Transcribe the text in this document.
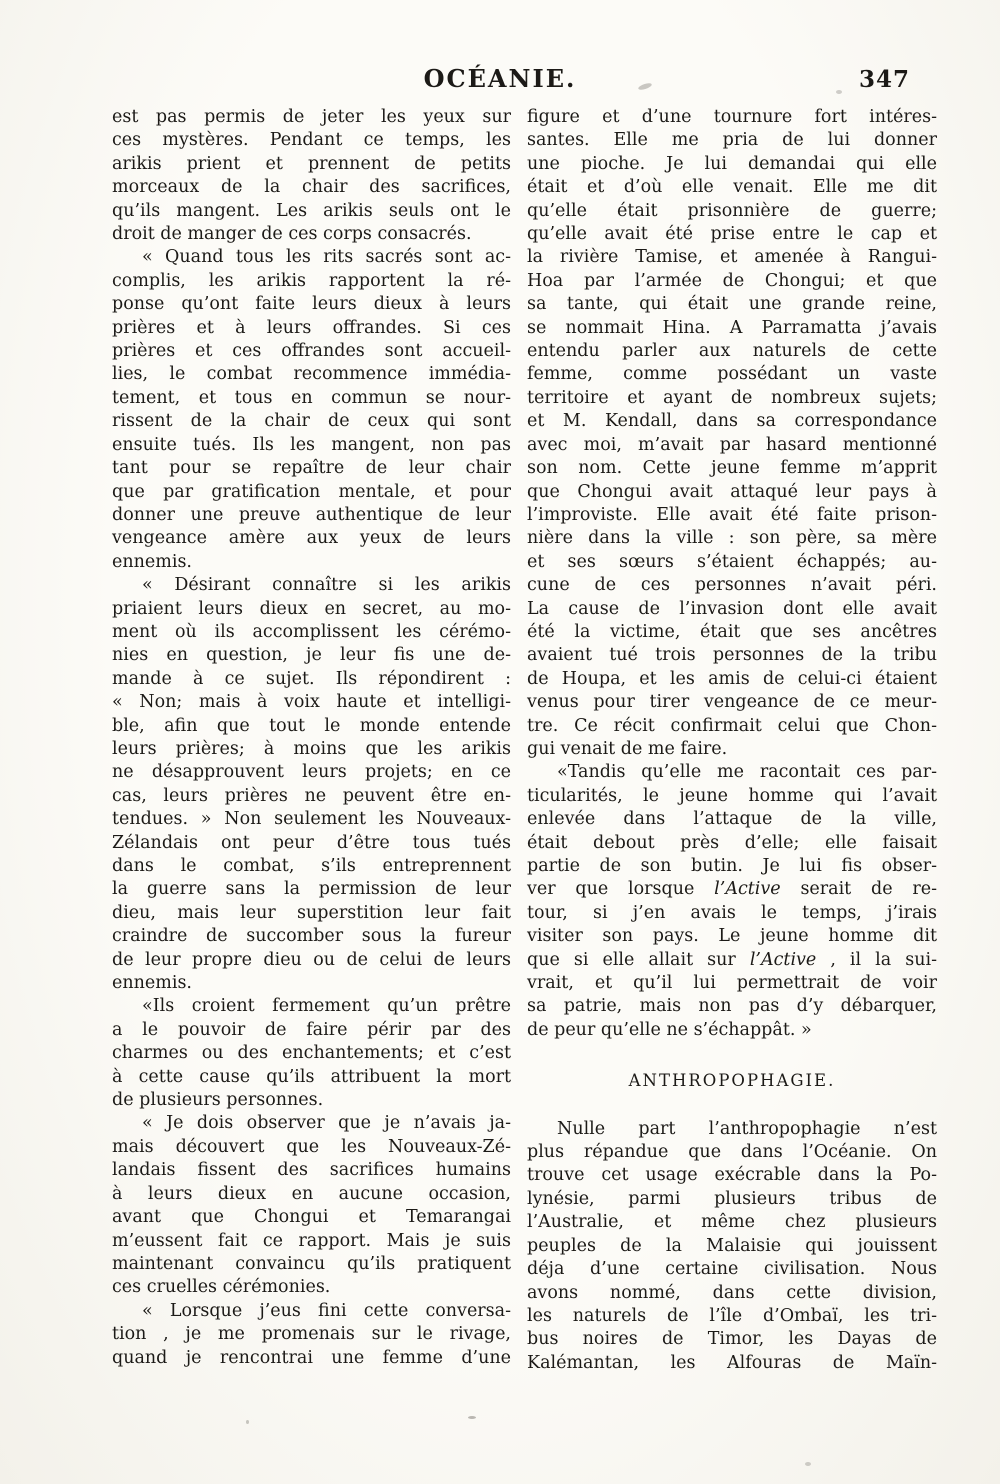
OCÉANIE.	347
est pas permis de jeter les yeux sur
ces mystères. Pendant ce temps, les
arikis prient et prennent de petits
morceaux de la chair des sacrifices,
qu’ils mangent. Les arikis seuls ont le
droit de manger de ces corps consacrés.
« Quand tous les rits sacrés sont ac-
complis, les arikis rapportent la ré-
ponse qu’ont faite leurs dieux à leurs
prières et à leurs offrandes. Si ces
prières et ces offrandes sont accueil-
lies, le combat recommence immédia-
tement, et tous en commun se nour-
rissent de la chair de ceux qui sont
ensuite tués. Ils les mangent, non pas
tant pour se repaître de leur chair
que par gratification mentale, et pour
donner une preuve authentique de leur
vengeance amère aux yeux de leurs
ennemis.
« Désirant connaître si les arikis
priaient leurs dieux en secret, au mo-
ment où ils accomplissent les cérémo-
nies en question, je leur fis une de-
mande à ce sujet. Ils répondirent :
« Non; mais à voix haute et intelligi-
ble, afin que tout le monde entende
leurs prières; à moins que les arikis
ne désapprouvent leurs projets; en ce
cas, leurs prières ne peuvent être en-
tendues. » Non seulement les Nouveaux-
Zélandais ont peur d’être tous tués
dans le combat, s’ils entreprennent
la guerre sans la permission de leur
dieu, mais leur superstition leur fait
craindre de succomber sous la fureur
de leur propre dieu ou de celui de leurs
ennemis.
«Ils croient fermement qu’un prêtre
a le pouvoir de faire périr par des
charmes ou des enchantements; et c’est
à cette cause qu’ils attribuent la mort
de plusieurs personnes.
« Je dois observer que je n’avais ja-
mais découvert que les Nouveaux-Zé-
landais fissent des sacrifices humains
à leurs dieux en aucune occasion,
avant que Chongui et Temarangai
m’eussent fait ce rapport. Mais je suis
maintenant convaincu qu’ils pratiquent
ces cruelles cérémonies.
« Lorsque j’eus fini cette conversa-
tion , je me promenais sur le rivage,
quand je rencontrai une femme d’une
figure et d’une tournure fort intéres-
santes. Elle me pria de lui donner
une pioche. Je lui demandai qui elle
était et d’où elle venait. Elle me dit
qu’elle était prisonnière de guerre;
qu’elle avait été prise entre le cap et
la rivière Tamise, et amenée à Rangui-
Hoa par l’armée de Chongui; et que
sa tante, qui était une grande reine,
se nommait Hina. A Parramatta j’avais
entendu parler aux naturels de cette
femme, comme possédant un vaste
territoire et ayant de nombreux sujets;
et M. Kendall, dans sa correspondance
avec moi, m’avait par hasard mentionné
son nom. Cette jeune femme m’apprit
que Chongui avait attaqué leur pays à
l’improviste. Elle avait été faite prison-
nière dans la ville : son père, sa mère
et ses sœurs s’étaient échappés; au-
cune de ces personnes n’avait péri.
La cause de l’invasion dont elle avait
été la victime, était que ses ancêtres
avaient tué trois personnes de la tribu
de Houpa, et les amis de celui-ci étaient
venus pour tirer vengeance de ce meur-
tre. Ce récit confirmait celui que Chon-
gui venait de me faire.
«Tandis qu’elle me racontait ces par-
ticularités, le jeune homme qui l’avait
enlevée dans l’attaque de la ville,
était debout près d’elle; elle faisait
partie de son butin. Je lui fis obser-
ver que lorsque l’Active serait de re-
tour, si j’en avais le temps, j’irais
visiter son pays. Le jeune homme dit
que si elle allait sur l’Active , il la sui-
vrait, et qu’il lui permettrait de voir
sa patrie, mais non pas d’y débarquer,
de peur qu’elle ne s’échappât. »
ANTHROPOPHAGIE.
Nulle part l’anthropophagie n’est
plus répandue que dans l’Océanie. On
trouve cet usage exécrable dans la Po-
lynésie, parmi plusieurs tribus de
l’Australie, et même chez plusieurs
peuples de la Malaisie qui jouissent
déja d’une certaine civilisation. Nous
avons nommé, dans cette division,
les naturels de l’île d’Ombaï, les tri-
bus noires de Timor, les Dayas de
Kalémantan, les Alfouras de Maïn-
